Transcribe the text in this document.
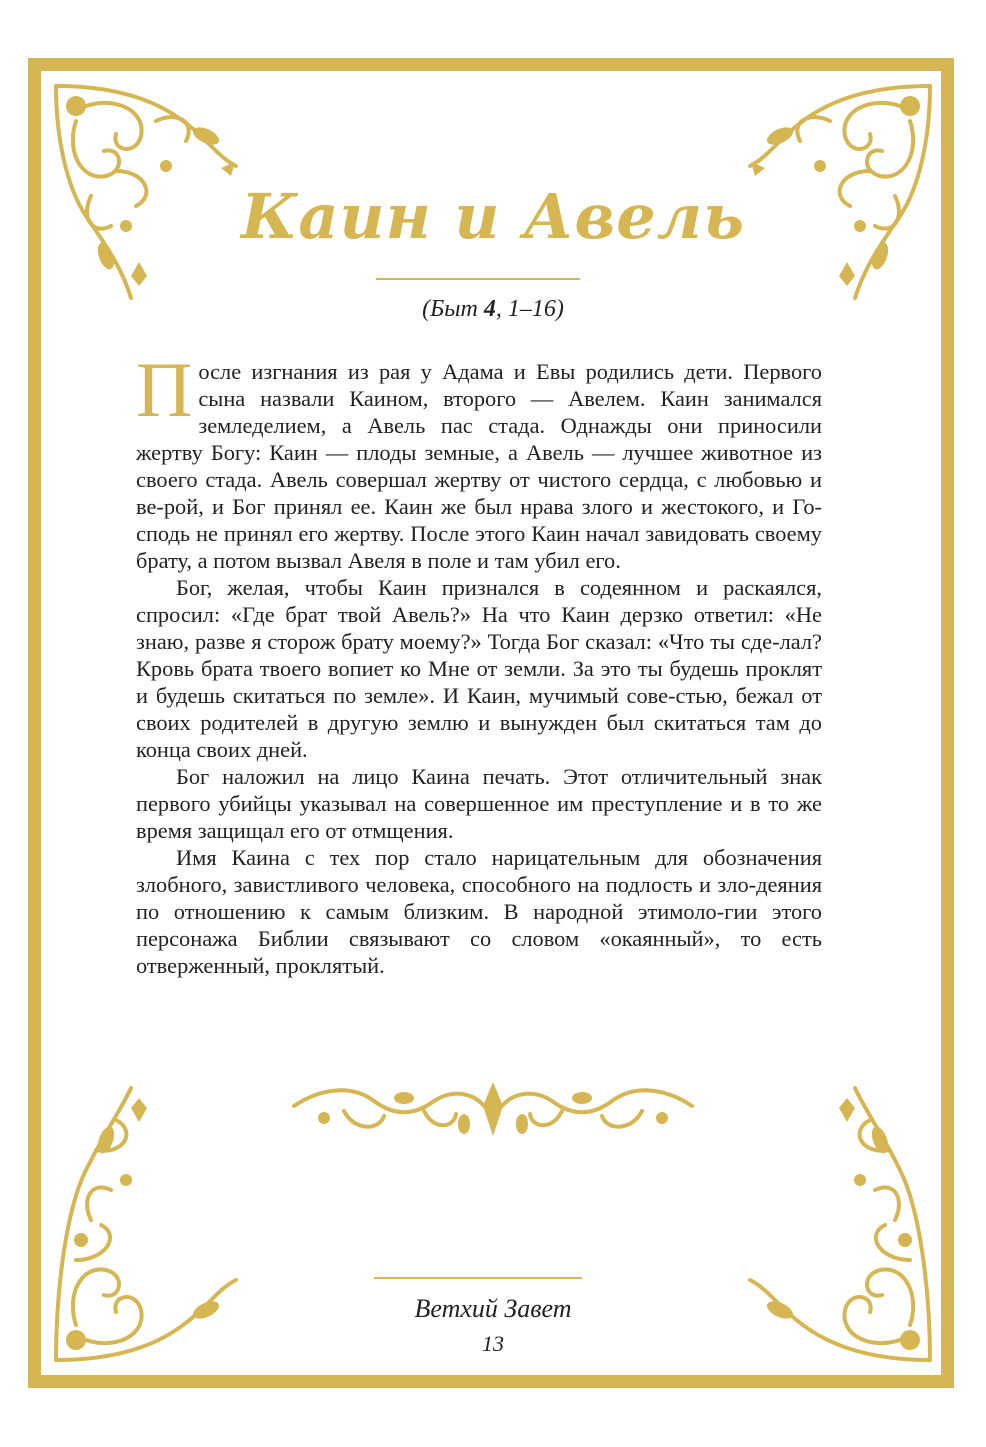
Каин и Авель
(Быт 4, 1–16)

После изгнания из рая у Адама и Евы родились дети. Первого сына назвали Каином, второго — Авелем. Каин занимался земледелием, а Авель пас стада. Однажды они приносили жертву Богу: Каин — плоды земные, а Авель — лучшее животное из своего стада. Авель совершал жертву от чистого сердца, с любовью и ве-рой, и Бог принял ее. Каин же был нрава злого и жестокого, и Го-сподь не принял его жертву. После этого Каин начал завидовать своему брату, а потом вызвал Авеля в поле и там убил его.

Бог, желая, чтобы Каин признался в содеянном и раскаялся, спросил: «Где брат твой Авель?» На что Каин дерзко ответил: «Не знаю, разве я сторож брату моему?» Тогда Бог сказал: «Что ты сде-лал? Кровь брата твоего вопиет ко Мне от земли. За это ты будешь проклят и будешь скитаться по земле». И Каин, мучимый сове-стью, бежал от своих родителей в другую землю и вынужден был скитаться там до конца своих дней.

Бог наложил на лицо Каина печать. Этот отличительный знак первого убийцы указывал на совершенное им преступление и в то же время защищал его от отмщения.

Имя Каина с тех пор стало нарицательным для обозначения злобного, завистливого человека, способного на подлость и зло-деяния по отношению к самым близким. В народной этимоло-гии этого персонажа Библии связывают со словом «окаянный», то есть отверженный, проклятый.

Ветхий Завет
13
